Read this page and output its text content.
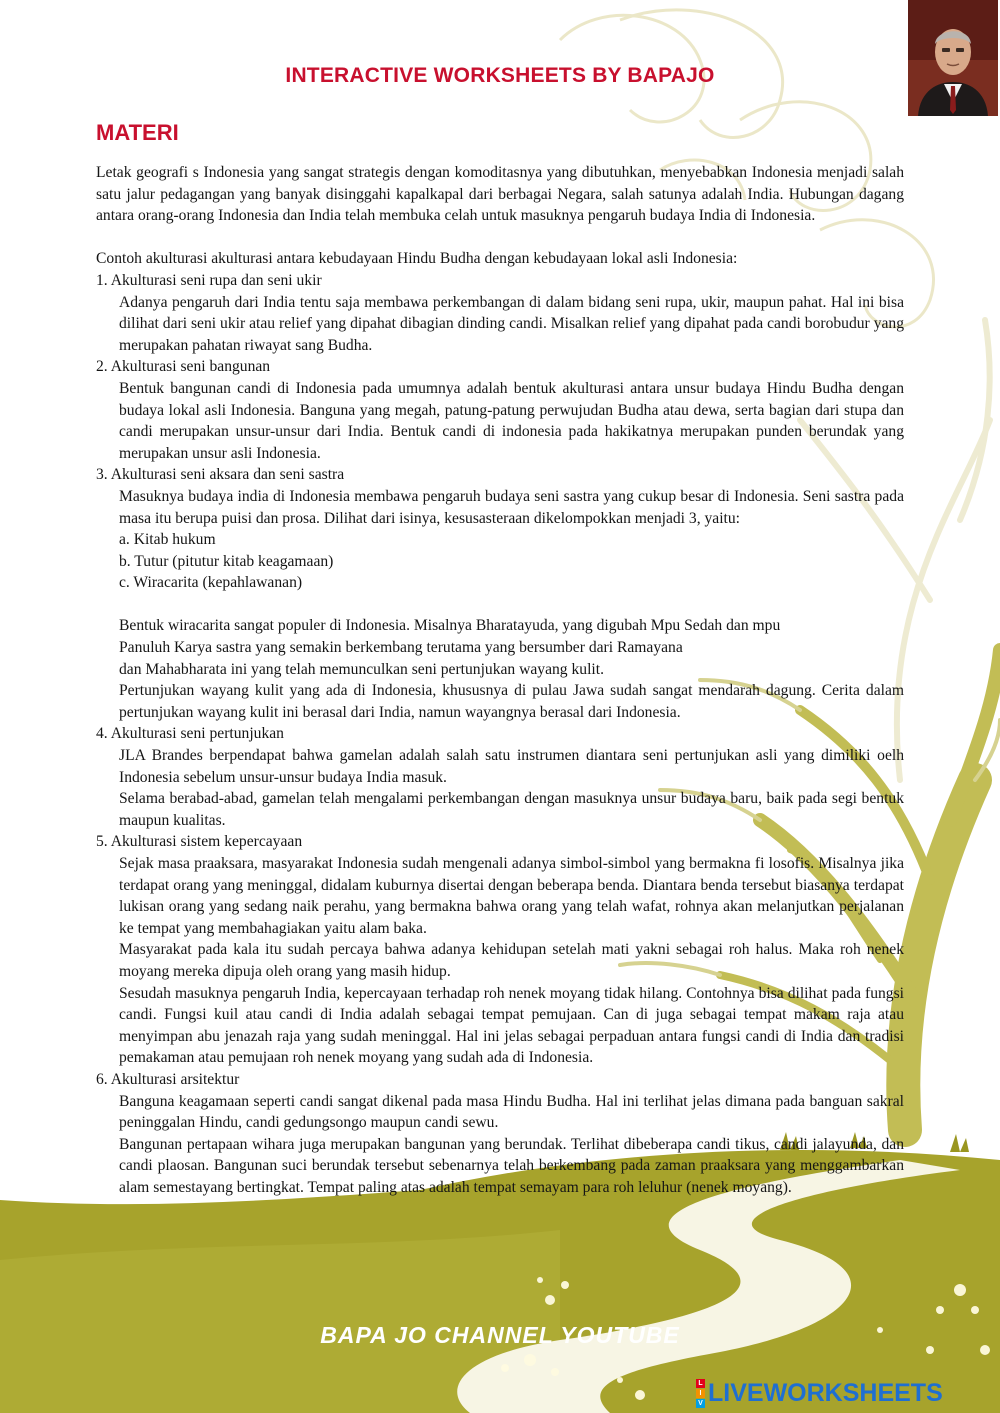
INTERACTIVE WORKSHEETS BY BAPAJO
MATERI

Letak geografi s Indonesia yang sangat strategis dengan komoditasnya yang dibutuhkan, menyebabkan Indonesia menjadi salah satu jalur pedagangan yang banyak disinggahi kapalkapal dari berbagai Negara, salah satunya adalah India. Hubungan dagang antara orang-orang Indonesia dan India telah membuka celah untuk masuknya pengaruh budaya India di Indonesia.

Contoh akulturasi akulturasi antara kebudayaan Hindu Budha dengan kebudayaan lokal asli Indonesia:

1. Akulturasi seni rupa dan seni ukir

Adanya pengaruh dari India tentu saja membawa perkembangan di dalam bidang seni rupa, ukir, maupun pahat. Hal ini bisa dilihat dari seni ukir atau relief yang dipahat dibagian dinding candi. Misalkan relief yang dipahat pada candi borobudur yang merupakan pahatan riwayat sang Budha.

2. Akulturasi seni bangunan

Bentuk bangunan candi di Indonesia pada umumnya adalah bentuk akulturasi antara unsur budaya Hindu Budha dengan budaya lokal asli Indonesia. Banguna yang megah, patung-patung perwujudan Budha atau dewa, serta bagian dari stupa dan candi merupakan unsur-unsur dari India. Bentuk candi di indonesia pada hakikatnya merupakan punden berundak yang merupakan unsur asli Indonesia.

3. Akulturasi seni aksara dan seni sastra

Masuknya budaya india di Indonesia membawa pengaruh budaya seni sastra yang cukup besar di Indonesia. Seni sastra pada masa itu berupa puisi dan prosa. Dilihat dari isinya, kesusasteraan dikelompokkan menjadi 3, yaitu:

a. Kitab hukum
b. Tutur (pitutur kitab keagamaan)
c. Wiracarita (kepahlawanan)

Bentuk wiracarita sangat populer di Indonesia. Misalnya Bharatayuda, yang digubah Mpu Sedah dan mpu

Panuluh Karya sastra yang semakin berkembang terutama yang bersumber dari Ramayana

dan Mahabharata ini yang telah memunculkan seni pertunjukan wayang kulit.

Pertunjukan wayang kulit yang ada di Indonesia, khususnya di pulau Jawa sudah sangat mendarah dagung. Cerita dalam pertunjukan wayang kulit ini berasal dari India, namun wayangnya berasal dari Indonesia.

4. Akulturasi seni pertunjukan

JLA Brandes berpendapat bahwa gamelan adalah salah satu instrumen diantara seni pertunjukan asli yang dimiliki oelh Indonesia sebelum unsur-unsur budaya India masuk.

Selama berabad-abad, gamelan telah mengalami perkembangan dengan masuknya unsur budaya baru, baik pada segi bentuk maupun kualitas.

5. Akulturasi sistem kepercayaan

Sejak masa praaksara, masyarakat Indonesia sudah mengenali adanya simbol-simbol yang bermakna fi losofis. Misalnya jika terdapat orang yang meninggal, didalam kuburnya disertai dengan beberapa benda. Diantara benda tersebut biasanya terdapat lukisan orang yang sedang naik perahu, yang bermakna bahwa orang yang telah wafat, rohnya akan melanjutkan perjalanan ke tempat yang membahagiakan yaitu alam baka.

Masyarakat pada kala itu sudah percaya bahwa adanya kehidupan setelah mati yakni sebagai roh halus. Maka roh nenek moyang mereka dipuja oleh orang yang masih hidup.

Sesudah masuknya pengaruh India, kepercayaan terhadap roh nenek moyang tidak hilang. Contohnya bisa dilihat pada fungsi candi. Fungsi kuil atau candi di India adalah sebagai tempat pemujaan. Can di juga sebagai tempat makam raja atau menyimpan abu jenazah raja yang sudah meninggal. Hal ini jelas sebagai perpaduan antara fungsi candi di India dan tradisi pemakaman atau pemujaan roh nenek moyang yang sudah ada di Indonesia.

6. Akulturasi arsitektur

Banguna keagamaan seperti candi sangat dikenal pada masa Hindu Budha. Hal ini terlihat jelas dimana pada banguan sakral peninggalan Hindu, candi gedungsongo maupun candi sewu.

Bangunan pertapaan wihara juga merupakan bangunan yang berundak. Terlihat dibeberapa candi tikus, candi jalayunda, dan candi plaosan. Bangunan suci berundak tersebut sebenarnya telah berkembang pada zaman praaksara yang menggambarkan alam semestayang bertingkat. Tempat paling atas adalah tempat semayam para roh leluhur (nenek moyang).

BAPA JO CHANNEL YOUTUBE
L
I
V LIVEWORKSHEETS
